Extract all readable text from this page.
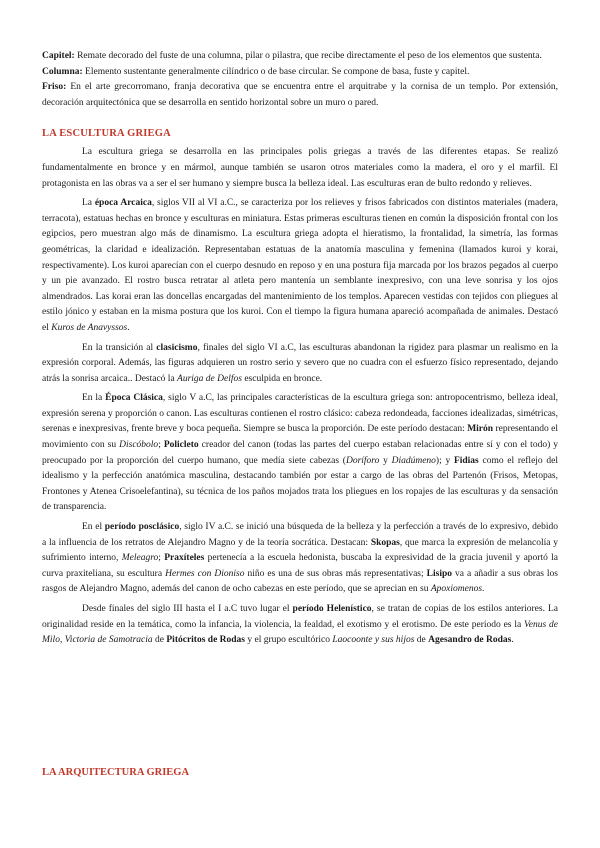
Capitel: Remate decorado del fuste de una columna, pilar o pilastra, que recibe directamente el peso de los elementos que sustenta.

Columna: Elemento sustentante generalmente cilíndrico o de base circular. Se compone de basa, fuste y capitel.

Friso: En el arte grecorromano, franja decorativa que se encuentra entre el arquitrabe y la cornisa de un templo. Por extensión, decoración arquitectónica que se desarrolla en sentido horizontal sobre un muro o pared.

LA ESCULTURA GRIEGA

La escultura griega se desarrolla en las principales polis griegas a través de las diferentes etapas. Se realizó fundamentalmente en bronce y en mármol, aunque también se usaron otros materiales como la madera, el oro y el marfil. El protagonista en las obras va a ser el ser humano y siempre busca la belleza ideal. Las esculturas eran de bulto redondo y relieves.

La época Arcaica, siglos VII al VI a.C., se caracteriza por los relieves y frisos fabricados con distintos materiales (madera, terracota), estatuas hechas en bronce y esculturas en miniatura. Estas primeras esculturas tienen en común la disposición frontal con los egipcios, pero muestran algo más de dinamismo. La escultura griega adopta el hieratismo, la frontalidad, la simetría, las formas geométricas, la claridad e idealización. Representaban estatuas de la anatomía masculina y femenina (llamados kuroi y korai, respectivamente). Los kuroi aparecían con el cuerpo desnudo en reposo y en una postura fija marcada por los brazos pegados al cuerpo y un pie avanzado. El rostro busca retratar al atleta pero mantenía un semblante inexpresivo, con una leve sonrisa y los ojos almendrados. Las korai eran las doncellas encargadas del mantenimiento de los templos. Aparecen vestidas con tejidos con pliegues al estilo jónico y estaban en la misma postura que los kuroi. Con el tiempo la figura humana apareció acompañada de animales. Destacó el Kuros de Anavyssos.

En la transición al clasicismo, finales del siglo VI a.C, las esculturas abandonan la rigidez para plasmar un realismo en la expresión corporal. Además, las figuras adquieren un rostro serio y severo que no cuadra con el esfuerzo físico representado, dejando atrás la sonrisa arcaica.. Destacó la Auriga de Delfos esculpida en bronce.

En la Época Clásica, siglo V a.C, las principales características de la escultura griega son: antropocentrismo, belleza ideal, expresión serena y proporción o canon. Las esculturas contienen el rostro clásico: cabeza redondeada, facciones idealizadas, simétricas, serenas e inexpresivas, frente breve y boca pequeña. Siempre se busca la proporción. De este período destacan: Mirón representando el movimiento con su Discóbolo; Policleto creador del canon (todas las partes del cuerpo estaban relacionadas entre sí y con el todo) y preocupado por la proporción del cuerpo humano, que medía siete cabezas (Doríforo y Diadúmeno); y Fidias como el reflejo del idealismo y la perfección anatómica masculina, destacando también por estar a cargo de las obras del Partenón (Frisos, Metopas, Frontones y Atenea Crisoelefantina), su técnica de los paños mojados trata los pliegues en los ropajes de las esculturas y da sensación de transparencia.

En el período posclásico, siglo IV a.C. se inició una búsqueda de la belleza y la perfección a través de lo expresivo, debido a la influencia de los retratos de Alejandro Magno y de la teoría socrática. Destacan: Skopas, que marca la expresión de melancolía y sufrimiento interno, Meleagro; Praxíteles pertenecía a la escuela hedonista, buscaba la expresividad de la gracia juvenil y aportó la curva praxiteliana, su escultura Hermes con Dioniso niño es una de sus obras más representativas; Lisipo va a añadir a sus obras los rasgos de Alejandro Magno, además del canon de ocho cabezas en este período, que se aprecian en su Apoxiomenos.

Desde finales del siglo III hasta el I a.C tuvo lugar el período Helenístico, se tratan de copias de los estilos anteriores. La originalidad reside en la temática, como la infancia, la violencia, la fealdad, el exotismo y el erotismo. De este período es la Venus de Milo, Victoria de Samotracia de Pitócritos de Rodas y el grupo escultórico Laocoonte y sus hijos de Agesandro de Rodas.

LA ARQUITECTURA GRIEGA
